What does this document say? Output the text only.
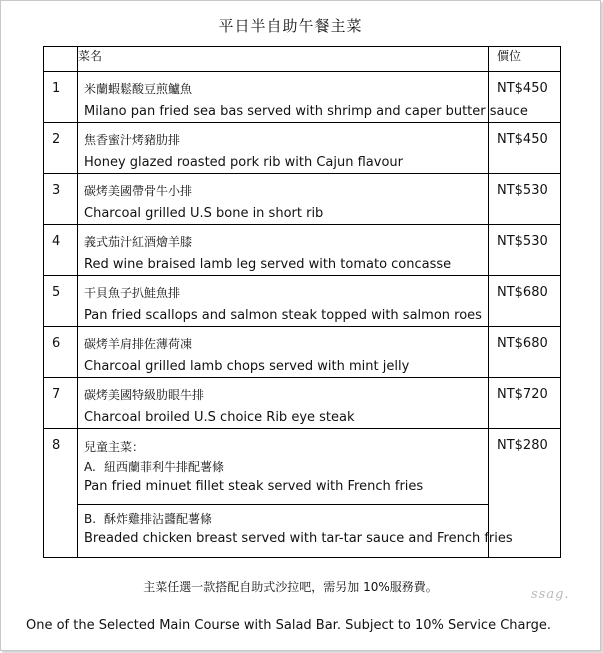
平日半自助午餐主菜
	菜名	價位
1	米蘭蝦鬆酸豆煎鱸魚
Milano pan fried sea bas served with shrimp and caper butter sauce	NT$450
2	焦香蜜汁烤豬肋排
Honey glazed roasted pork rib with Cajun flavour	NT$450
3	碳烤美國帶骨牛小排
Charcoal grilled U.S bone in short rib	NT$530
4	義式茄汁紅酒燴羊膝
Red wine braised lamb leg served with tomato concasse	NT$530
5	干貝魚子扒鮭魚排
Pan fried scallops and salmon steak topped with salmon roes	NT$680
6	碳烤羊肩排佐薄荷凍
Charcoal grilled lamb chops served with mint jelly	NT$680
7	碳烤美國特級肋眼牛排
Charcoal broiled U.S choice Rib eye steak	NT$720
8	兒童主菜：
A. 紐西蘭菲利牛排配薯條
Pan fried minuet fillet steak served with French fries
B. 酥炸雞排沾醬配薯條
Breaded chicken breast served with tar-tar sauce and French fries	NT$280
主菜任選一款搭配自助式沙拉吧，需另加 10%服務費。	ssag.
One of the Selected Main Course with Salad Bar. Subject to 10% Service Charge.
